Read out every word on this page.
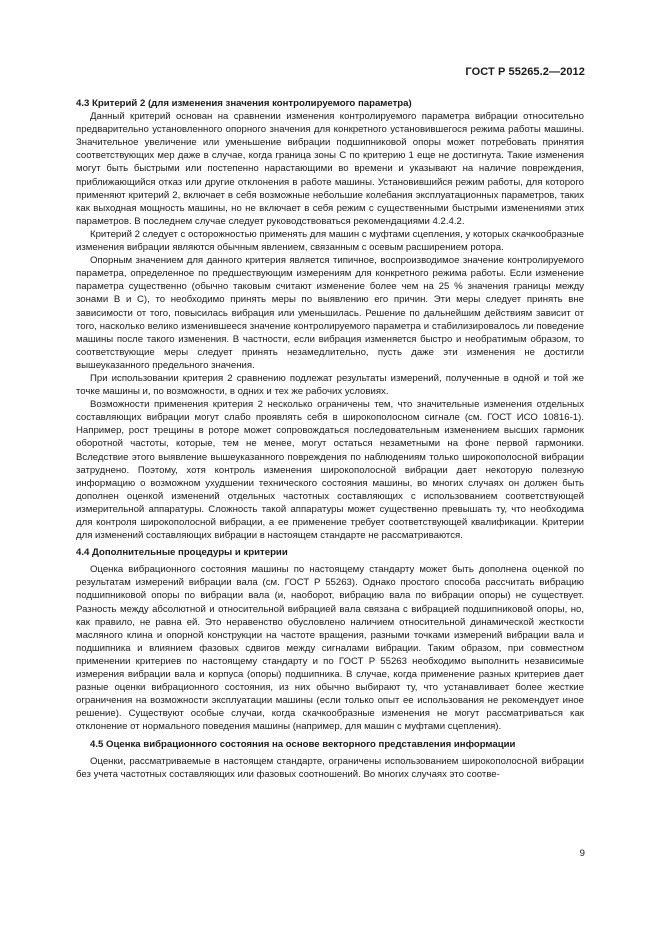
ГОСТ Р 55265.2—2012
4.3 Критерий 2 (для изменения значения контролируемого параметра)

Данный критерий основан на сравнении изменения контролируемого параметра вибрации относительно предварительно установленного опорного значения для конкретного установившегося режима работы машины. Значительное увеличение или уменьшение вибрации подшипниковой опоры может потребовать принятия соответствующих мер даже в случае, когда граница зоны С по критерию 1 еще не достигнута. Такие изменения могут быть быстрыми или постепенно нарастающими во времени и указывают на наличие повреждения, приближающийся отказ или другие отклонения в работе машины. Установившийся режим работы, для которого применяют критерий 2, включает в себя возможные небольшие колебания эксплуатационных параметров, таких как выходная мощность машины, но не включает в себя режим с существенными быстрыми изменениями этих параметров. В последнем случае следует руководствоваться рекомендациями 4.2.4.2.

Критерий 2 следует с осторожностью применять для машин с муфтами сцепления, у которых скачкообразные изменения вибрации являются обычным явлением, связанным с осевым расширением ротора.

Опорным значением для данного критерия является типичное, воспроизводимое значение контролируемого параметра, определенное по предшествующим измерениям для конкретного режима работы. Если изменение параметра существенно (обычно таковым считают изменение более чем на 25 % значения границы между зонами В и С), то необходимо принять меры по выявлению его причин. Эти меры следует принять вне зависимости от того, повысилась вибрация или уменьшилась. Решение по дальнейшим действиям зависит от того, насколько велико изменившееся значение контролируемого параметра и стабилизировалось ли поведение машины после такого изменения. В частности, если вибрация изменяется быстро и необратимым образом, то соответствующие меры следует принять незамедлительно, пусть даже эти изменения не достигли вышеуказанного предельного значения.

При использовании критерия 2 сравнению подлежат результаты измерений, полученные в одной и той же точке машины и, по возможности, в одних и тех же рабочих условиях.

Возможности применения критерия 2 несколько ограничены тем, что значительные изменения отдельных составляющих вибрации могут слабо проявлять себя в широкополосном сигнале (см. ГОСТ ИСО 10816-1). Например, рост трещины в роторе может сопровождаться последовательным изменением высших гармоник оборотной частоты, которые, тем не менее, могут остаться незаметными на фоне первой гармоники. Вследствие этого выявление вышеуказанного повреждения по наблюдениям только широкополосной вибрации затруднено. Поэтому, хотя контроль изменения широкополосной вибрации дает некоторую полезную информацию о возможном ухудшении технического состояния машины, во многих случаях он должен быть дополнен оценкой изменений отдельных частотных составляющих с использованием соответствующей измерительной аппаратуры. Сложность такой аппаратуры может существенно превышать ту, что необходима для контроля широкополосной вибрации, а ее применение требует соответствующей квалификации. Критерии для изменений составляющих вибрации в настоящем стандарте не рассматриваются.

4.4 Дополнительные процедуры и критерии

Оценка вибрационного состояния машины по настоящему стандарту может быть дополнена оценкой по результатам измерений вибрации вала (см. ГОСТ Р 55263). Однако простого способа рассчитать вибрацию подшипниковой опоры по вибрации вала (и, наоборот, вибрацию вала по вибрации опоры) не существует. Разность между абсолютной и относительной вибрацией вала связана с вибрацией подшипниковой опоры, но, как правило, не равна ей. Это неравенство обусловлено наличием относительной динамической жесткости масляного клина и опорной конструкции на частоте вращения, разными точками измерений вибрации вала и подшипника и влиянием фазовых сдвигов между сигналами вибрации. Таким образом, при совместном применении критериев по настоящему стандарту и по ГОСТ Р 55263 необходимо выполнить независимые измерения вибрации вала и корпуса (опоры) подшипника. В случае, когда применение разных критериев дает разные оценки вибрационного состояния, из них обычно выбирают ту, что устанавливает более жесткие ограничения на возможности эксплуатации машины (если только опыт ее использования не рекомендует иное решение). Существуют особые случаи, когда скачкообразные изменения не могут рассматриваться как отклонение от нормального поведения машины (например, для машин с муфтами сцепления).

4.5 Оценка вибрационного состояния на основе векторного представления информации

Оценки, рассматриваемые в настоящем стандарте, ограничены использованием широкополосной вибрации без учета частотных составляющих или фазовых соотношений. Во многих случаях это соотве-

9
